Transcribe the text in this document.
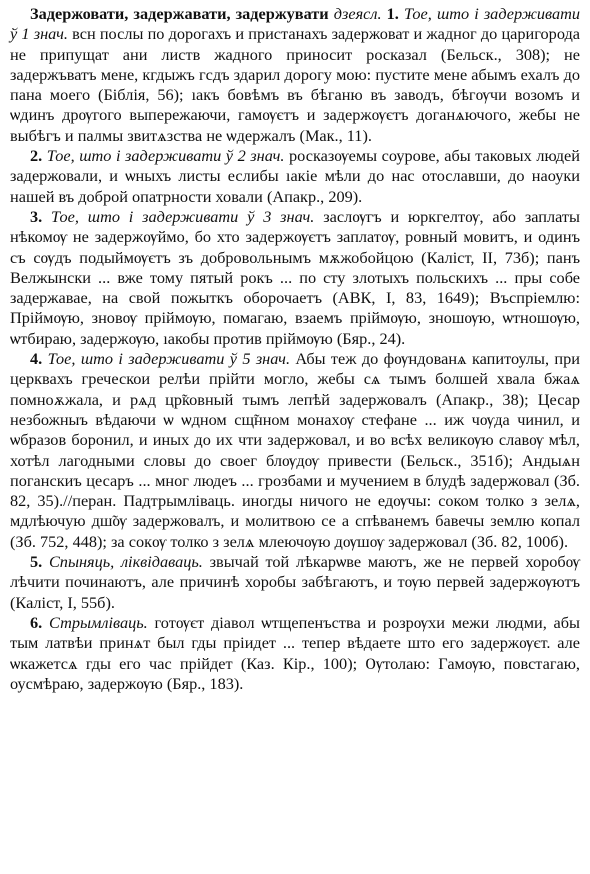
Задержовати, задержавати, задержувати дзеясл. 1. Тое, што і задерживати ў 1 знач. всн послы по дорогахъ и пристанахъ задержоват и жадног до царигорода не припущат ани листв жадного приносит росказал (Бельск., 308); не задержъватъ мене, кгдыжъ гсдъ здарил дорогу мою: пустите мене абымъ ехалъ до пана моего (Біблія, 56); ıакъ бовѣмъ въ бѣганю въ заводъ, бѣгѹчи возомъ и ѡдинъ дрѹгого выпережаючи, гамѹєтъ и задержѹєтъ доганѧючого, жебы не выбѣгъ и палмы звитѧзства не ѡдержалъ (Мак., 11).

2. Тое, што і задерживати ў 2 знач. росказѹемы соурове, абы таковых людей задержовали, и ѡныхъ листы еслибы ıакіе мѣли до нас отославши, до наоуки нашей въ доброй опатрности ховали (Апакр., 209).

3. Тое, што і задерживати ў 3 знач. заслѹгъ и юркгелтѹ, або заплаты нѣкомѹ не задержѹймо, бо хто задержѹєтъ заплатѹ, ровный мовитъ, и одинъ съ сѹдъ подыймѹєтъ зъ добровольнымъ мѫжобойцою (Каліст, II, 73б); панъ Велжынски ... вже тому пятый рокъ ... по сту злотыхъ польскихъ ... пры собе задержавае, на свой пожыткъ оборочаетъ (АВК, I, 83, 1649); Въспріемлю: Пріймѹю, зновѹ пріймѹю, помагаю, взаемъ пріймѹю, зношѹю, ѡтношѹю, ѡтбираю, задержѹю, ıакобы против пріймѹю (Бяр., 24).

4. Тое, што і задерживати ў 5 знач. Абы теж до фѹндованѧ капитоулы, при церквахъ греческои релѣи прійти могло, жебы сѧ тымъ болшей хвала бжаѧ помноѫжала, и рѧд цр̃ковный тымъ лепѣй задержовалъ (Апакр., 38); Цесар незбожныъ вѣдаючи ѡ ѡдном сщ̃нном монахѹ стефане ... иж чѹда чинил, и ѡбразов боронил, и иных до их чти задержовал, и во всѣх великѹю славѹ мѣл, хотѣл лагодными словы до своег блѹдѹ привести (Бельск., 351б); Андыѧн поганскиъ цесаръ ... мног людеъ ... грозбами и мучением в блудѣ задержовал (Зб. 82, 35).//перан. Падтрымліваць. иногды ничого не едѹчы: соком толко з зелѧ, мдлѣючую дш̃ѹ задержовалъ, и молитвою се а спѣванемъ бавечы землю копал (Зб. 752, 448); за сокѹ толко з зелѧ млеючѹю дѹшѹ задержовал (Зб. 82, 100б).

5. Спыняць, ліквідаваць. звычай той лѣкарѡве маютъ, же не первей хоробѹ лѣчити починаютъ, але причинѣ хоробы забѣгаютъ, и тѹю первей задержѹютъ (Каліст, I, 55б).

6. Стрымліваць. готѹєт діавол ѡтщепенъства и розрѹхи межи людми, абы тым латвѣи принѧт был гды пріидет ... тепер вѣдаете што его задержѹєт. але ѡкажетсѧ гды его час прійдет (Каз. Кір., 100); Ѹтолаю: Гамѹю, повстагаю, оусмѣраю, задержѹю (Бяр., 183).
